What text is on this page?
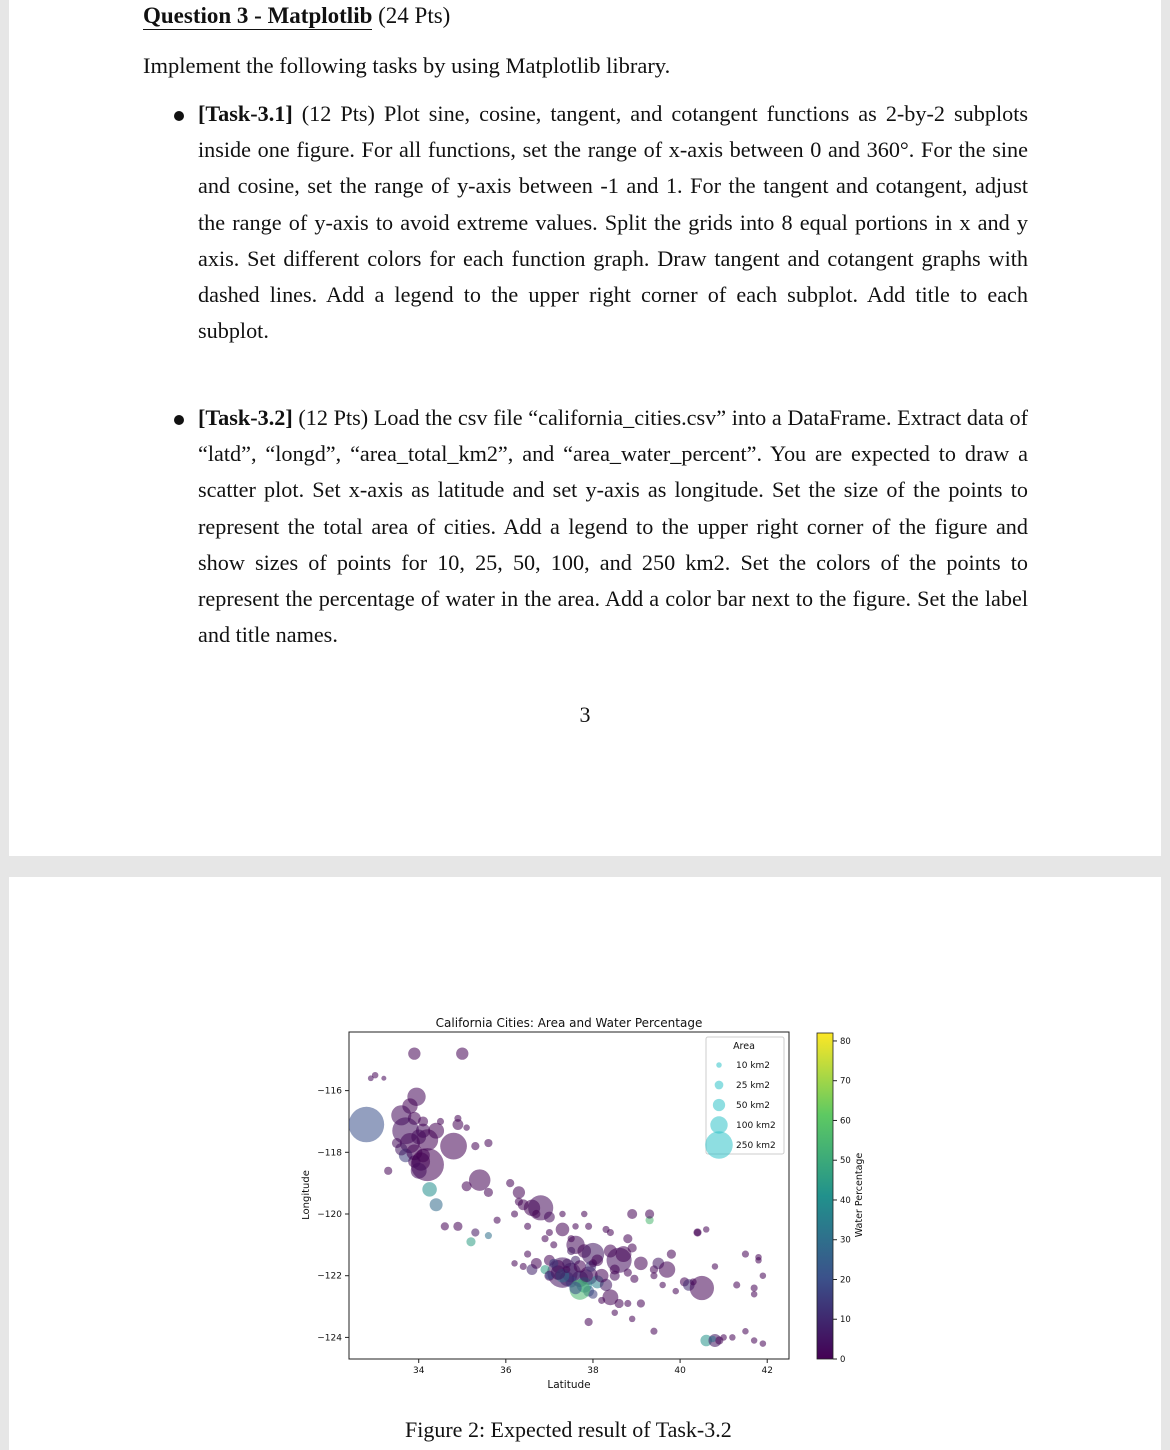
Question 3 - Matplotlib (24 Pts)
Implement the following tasks by using Matplotlib library.
[Task-3.1] (12 Pts) Plot sine, cosine, tangent, and cotangent functions as 2-by-2 subplots inside one figure. For all functions, set the range of x-axis between 0 and 360°. For the sine and cosine, set the range of y-axis between -1 and 1. For the tangent and cotangent, adjust the range of y-axis to avoid extreme values. Split the grids into 8 equal portions in x and y axis. Set different colors for each function graph. Draw tangent and cotangent graphs with dashed lines. Add a legend to the upper right corner of each subplot. Add title to each subplot.
[Task-3.2] (12 Pts) Load the csv file “california_cities.csv” into a DataFrame. Extract data of “latd”, “longd”, “area_total_km2”, and “area_water_percent”. You are expected to draw a scatter plot. Set x-axis as latitude and set y-axis as longitude. Set the size of the points to represent the total area of cities. Add a legend to the upper right corner of the figure and show sizes of points for 10, 25, 50, 100, and 250 km2. Set the colors of the points to represent the percentage of water in the area. Add a color bar next to the figure. Set the label and title names.
3
California Cities: Area and Water Percentage
34	36	38	40	42
−116
−118
−120
−122
−124
Latitude
Longitude
Area
10 km2
25 km2
50 km2
100 km2
250 km2
0
10
20
30
40
50
60
70
80
Water Percentage
Figure 2: Expected result of Task-3.2
